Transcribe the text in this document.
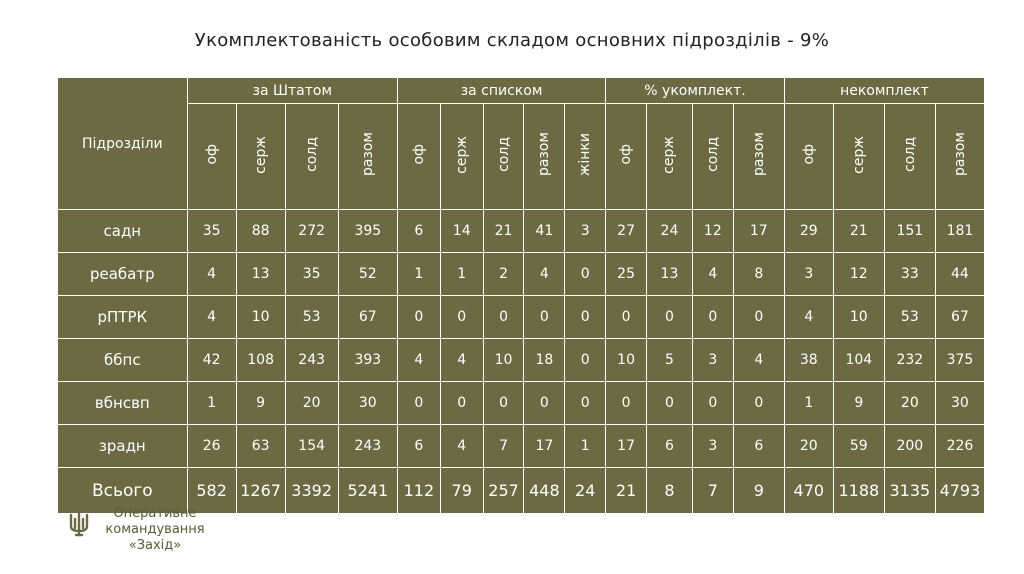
Укомплектованість особовим складом основних підрозділів - 9%
Підрозділи	за Штатом				за списком					% укомплект.				некомплект			
	оф	серж	солд	разом	оф	серж	солд	разом	жінки	оф	серж	солд	разом	оф	серж	солд	разом
садн	35	88	272	395	6	14	21	41	3	27	24	12	17	29	21	151	181
реабатр	4	13	35	52	1	1	2	4	0	25	13	4	8	3	12	33	44
рПТРК	4	10	53	67	0	0	0	0	0	0	0	0	0	4	10	53	67
ббпс	42	108	243	393	4	4	10	18	0	10	5	3	4	38	104	232	375
вбнсвп	1	9	20	30	0	0	0	0	0	0	0	0	0	1	9	20	30
зрадн	26	63	154	243	6	4	7	17	1	17	6	3	6	20	59	200	226
Всього	582	1267	3392	5241	112	79	257	448	24	21	8	7	9	470	1188	3135	4793
Оперативне
командування
«Захід»
